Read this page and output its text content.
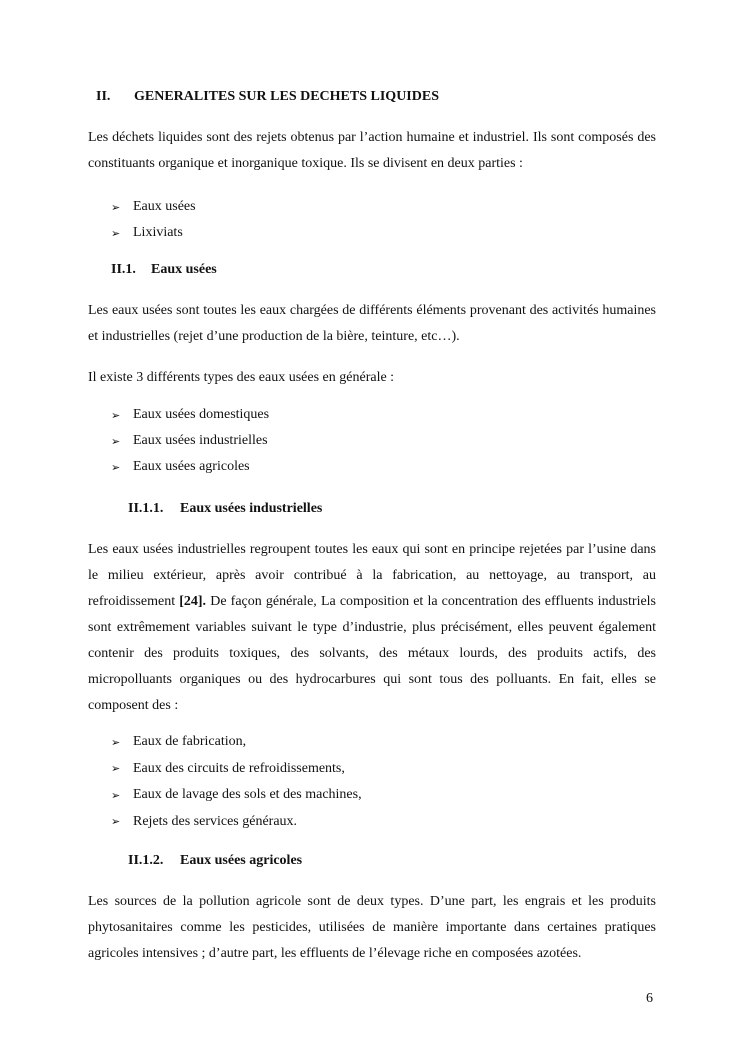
II. GENERALITES SUR LES DECHETS LIQUIDES
Les déchets liquides sont des rejets obtenus par l’action humaine et industriel. Ils sont composés des constituants organique et inorganique toxique. Ils se divisent en deux parties :
➢ Eaux usées
➢ Lixiviats
II.1. Eaux usées
Les eaux usées sont toutes les eaux chargées de différents éléments provenant des activités humaines et industrielles (rejet d’une production de la bière, teinture, etc…).
Il existe 3 différents types des eaux usées en générale :
➢ Eaux usées domestiques
➢ Eaux usées industrielles
➢ Eaux usées agricoles
II.1.1. Eaux usées industrielles
Les eaux usées industrielles regroupent toutes les eaux qui sont en principe rejetées par l’usine dans le milieu extérieur, après avoir contribué à la fabrication, au nettoyage, au transport, au refroidissement [24]. De façon générale, La composition et la concentration des effluents industriels sont extrêmement variables suivant le type d’industrie, plus précisément, elles peuvent également contenir des produits toxiques, des solvants, des métaux lourds, des produits actifs, des micropolluants organiques ou des hydrocarbures qui sont tous des polluants. En fait, elles se composent des :
➢ Eaux de fabrication,
➢ Eaux des circuits de refroidissements,
➢ Eaux de lavage des sols et des machines,
➢ Rejets des services généraux.
II.1.2. Eaux usées agricoles
Les sources de la pollution agricole sont de deux types. D’une part, les engrais et les produits phytosanitaires comme les pesticides, utilisées de manière importante dans certaines pratiques agricoles intensives ; d’autre part, les effluents de l’élevage riche en composées azotées.
6
